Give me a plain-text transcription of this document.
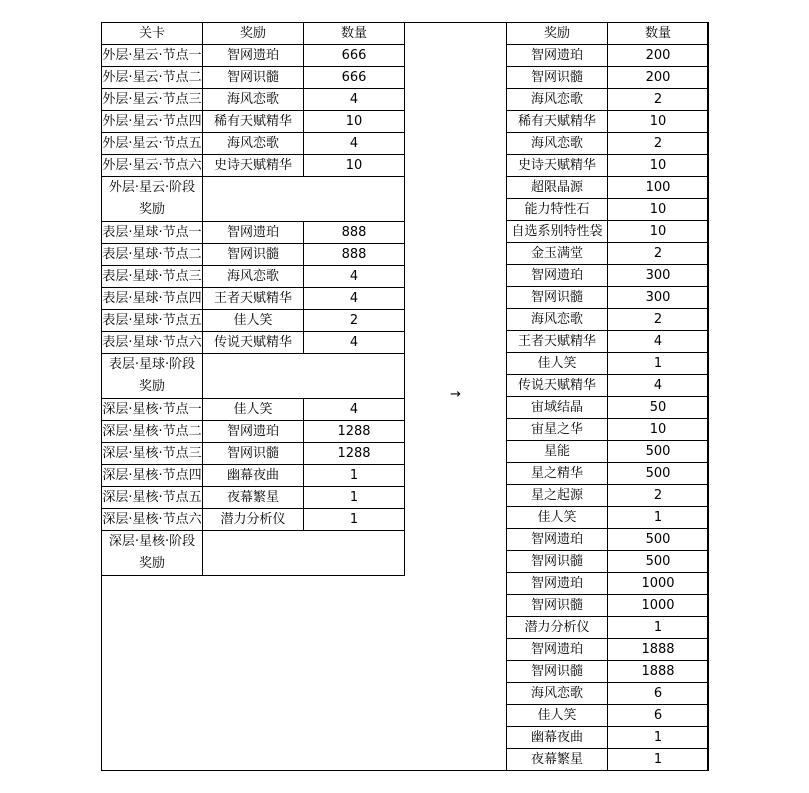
关卡	奖励	数量
外层·星云·节点一	智网遗珀	666
外层·星云·节点二	智网识髓	666
外层·星云·节点三	海风恋歌	4
外层·星云·节点四	稀有天赋精华	10
外层·星云·节点五	海风恋歌	4
外层·星云·节点六	史诗天赋精华	10

外层·星云·阶段
奖励		

表层·星球·节点一	智网遗珀	888
表层·星球·节点二	智网识髓	888
表层·星球·节点三	海风恋歌	4
表层·星球·节点四	王者天赋精华	4
表层·星球·节点五	佳人笑	2
表层·星球·节点六	传说天赋精华	4

表层·星球·阶段
奖励		

深层·星核·节点一	佳人笑	4
深层·星核·节点二	智网遗珀	1288
深层·星核·节点三	智网识髓	1288
深层·星核·节点四	幽幕夜曲	1
深层·星核·节点五	夜幕繁星	1
深层·星核·节点六	潜力分析仪	1

深层·星核·阶段
奖励		

→
奖励	数量
智网遗珀	200
智网识髓	200
海风恋歌	2
稀有天赋精华	10
海风恋歌	2
史诗天赋精华	10
超限晶源	100
能力特性石	10
自选系别特性袋	10
金玉满堂	2
智网遗珀	300
智网识髓	300
海风恋歌	2
王者天赋精华	4
佳人笑	1
传说天赋精华	4
宙域结晶	50
宙星之华	10
星能	500
星之精华	500
星之起源	2
佳人笑	1
智网遗珀	500
智网识髓	500
智网遗珀	1000
智网识髓	1000
潜力分析仪	1
智网遗珀	1888
智网识髓	1888
海风恋歌	6
佳人笑	6
幽幕夜曲	1
夜幕繁星	1
